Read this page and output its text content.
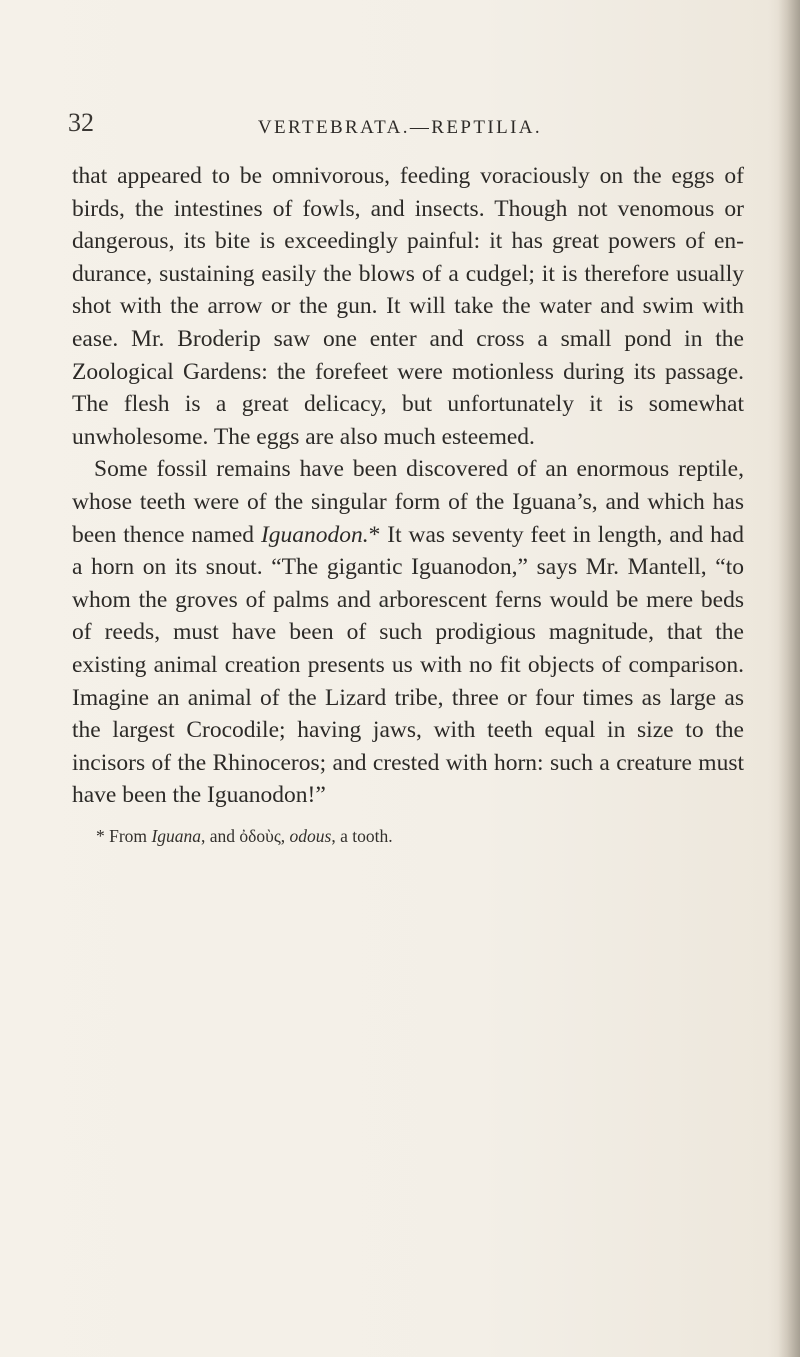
32	VERTEBRATA.—REPTILIA.

that appeared to be omnivorous, feeding voraciously on the eggs of birds, the intestines of fowls, and insects. Though not venomous or dangerous, its bite is exceedingly painful: it has great powers of endurance, sustaining easily the blows of a cudgel; it is therefore usually shot with the arrow or the gun. It will take the water and swim with ease. Mr. Broderip saw one enter and cross a small pond in the Zoological Gardens: the forefeet were motionless during its passage. The flesh is a great delicacy, but unfortunately it is somewhat unwholesome. The eggs are also much esteemed.

Some fossil remains have been discovered of an enormous reptile, whose teeth were of the singular form of the Iguana’s, and which has been thence named Iguanodon.* It was seventy feet in length, and had a horn on its snout. “The gigantic Iguanodon,” says Mr. Mantell, “to whom the groves of palms and arborescent ferns would be mere beds of reeds, must have been of such prodigious magnitude, that the existing animal creation presents us with no fit objects of comparison. Imagine an animal of the Lizard tribe, three or four times as large as the largest Crocodile; having jaws, with teeth equal in size to the incisors of the Rhinoceros; and crested with horn: such a creature must have been the Iguanodon!”

* From Iguana, and ὀδοὺς, odous, a tooth.
